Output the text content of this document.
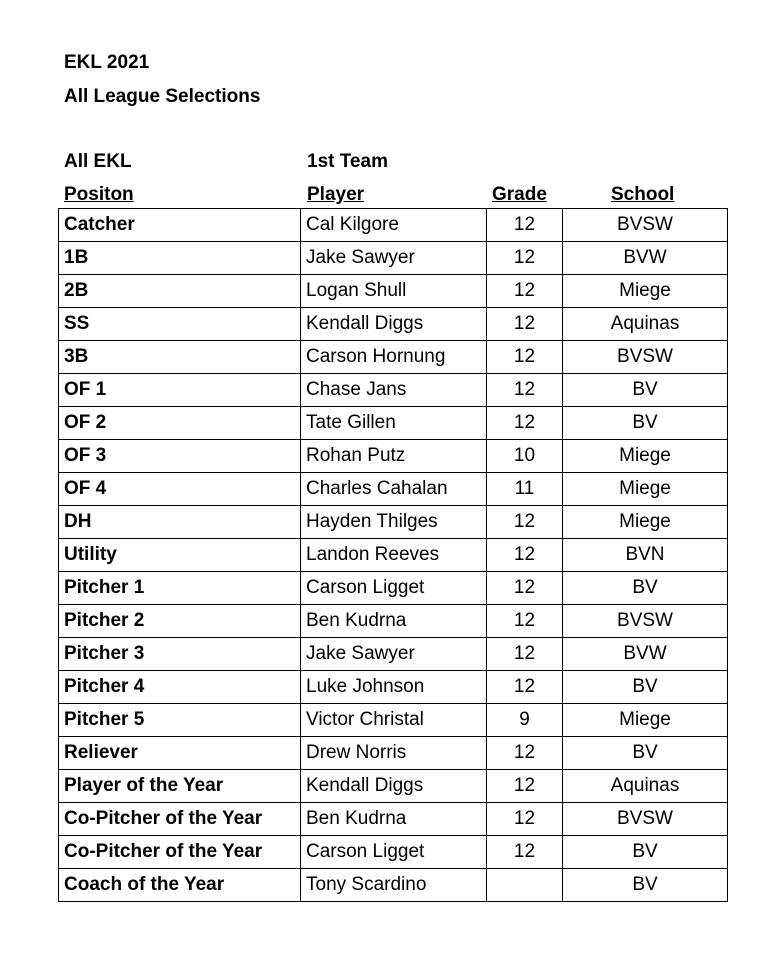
EKL 2021
All League Selections
All EKL	1st Team
Positon	Player	Grade	School
Catcher	Cal Kilgore	12	BVSW
1B	Jake Sawyer	12	BVW
2B	Logan Shull	12	Miege
SS	Kendall Diggs	12	Aquinas
3B	Carson Hornung	12	BVSW
OF 1	Chase Jans	12	BV
OF 2	Tate Gillen	12	BV
OF 3	Rohan Putz	10	Miege
OF 4	Charles Cahalan	11	Miege
DH	Hayden Thilges	12	Miege
Utility	Landon Reeves	12	BVN
Pitcher 1	Carson Ligget	12	BV
Pitcher 2	Ben Kudrna	12	BVSW
Pitcher 3	Jake Sawyer	12	BVW
Pitcher 4	Luke Johnson	12	BV
Pitcher 5	Victor Christal	9	Miege
Reliever	Drew Norris	12	BV
Player of the Year	Kendall Diggs	12	Aquinas
Co-Pitcher of the Year	Ben Kudrna	12	BVSW
Co-Pitcher of the Year	Carson Ligget	12	BV
Coach of the Year	Tony Scardino		BV
